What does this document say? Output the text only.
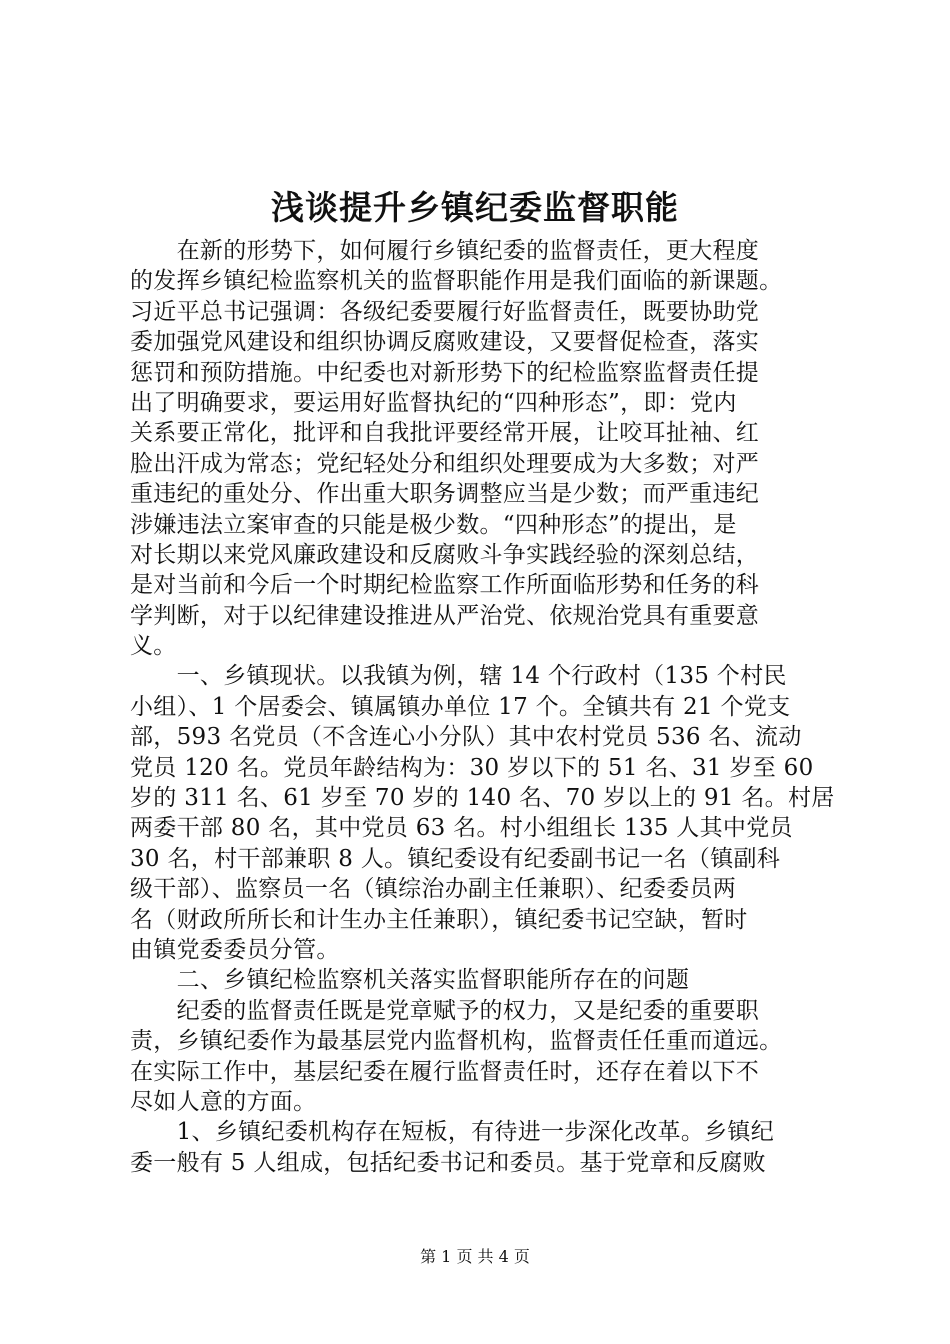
浅谈提升乡镇纪委监督职能
　　在新的形势下，如何履行乡镇纪委的监督责任，更大程度
的发挥乡镇纪检监察机关的监督职能作用是我们面临的新课题。
习近平总书记强调：各级纪委要履行好监督责任，既要协助党
委加强党风建设和组织协调反腐败建设，又要督促检查，落实
惩罚和预防措施。中纪委也对新形势下的纪检监察监督责任提
出了明确要求，要运用好监督执纪的“四种形态”，即：党内
关系要正常化，批评和自我批评要经常开展，让咬耳扯袖、红
脸出汗成为常态；党纪轻处分和组织处理要成为大多数；对严
重违纪的重处分、作出重大职务调整应当是少数；而严重违纪
涉嫌违法立案审查的只能是极少数。“四种形态”的提出，是
对长期以来党风廉政建设和反腐败斗争实践经验的深刻总结，
是对当前和今后一个时期纪检监察工作所面临形势和任务的科
学判断，对于以纪律建设推进从严治党、依规治党具有重要意
义。
　　一、乡镇现状。以我镇为例，辖 14 个行政村（135 个村民
小组）、1 个居委会、镇属镇办单位 17 个。全镇共有 21 个党支
部，593 名党员（不含连心小分队）其中农村党员 536 名、流动
党员 120 名。党员年龄结构为：30 岁以下的 51 名、31 岁至 60
岁的 311 名、61 岁至 70 岁的 140 名、70 岁以上的 91 名。村居
两委干部 80 名，其中党员 63 名。村小组组长 135 人其中党员
30 名，村干部兼职 8 人。镇纪委设有纪委副书记一名（镇副科
级干部）、监察员一名（镇综治办副主任兼职）、纪委委员两
名（财政所所长和计生办主任兼职），镇纪委书记空缺，暂时
由镇党委委员分管。
　　二、乡镇纪检监察机关落实监督职能所存在的问题
　　纪委的监督责任既是党章赋予的权力，又是纪委的重要职
责，乡镇纪委作为最基层党内监督机构，监督责任任重而道远。
在实际工作中，基层纪委在履行监督责任时，还存在着以下不
尽如人意的方面。
　　1、乡镇纪委机构存在短板，有待进一步深化改革。乡镇纪
委一般有 5 人组成，包括纪委书记和委员。基于党章和反腐败
第 1 页 共 4 页
